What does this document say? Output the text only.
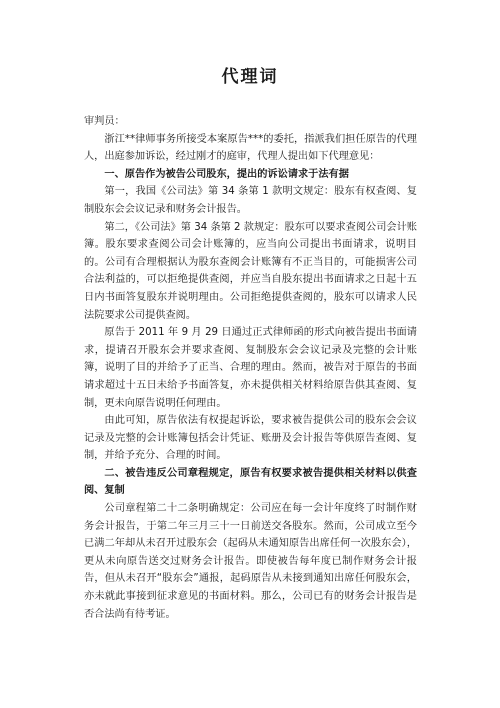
代理词

审判员：

浙江**律师事务所接受本案原告***的委托，指派我们担任原告的代理人，出庭参加诉讼，经过刚才的庭审，代理人提出如下代理意见：

一、原告作为被告公司股东，提出的诉讼请求于法有据

第一，我国《公司法》第 34 条第 1 款明文规定：股东有权查阅、复制股东会会议记录和财务会计报告。

第二，《公司法》第 34 条第 2 款规定：股东可以要求查阅公司会计账簿。股东要求查阅公司会计账簿的，应当向公司提出书面请求，说明目的。公司有合理根据认为股东查阅会计账簿有不正当目的，可能损害公司合法利益的，可以拒绝提供查阅，并应当自股东提出书面请求之日起十五日内书面答复股东并说明理由。公司拒绝提供查阅的，股东可以请求人民法院要求公司提供查阅。

原告于 2011 年 9 月 29 日通过正式律师函的形式向被告提出书面请求，提请召开股东会并要求查阅、复制股东会会议记录及完整的会计账簿，说明了目的并给予了正当、合理的理由。然而，被告对于原告的书面请求超过十五日未给予书面答复，亦未提供相关材料给原告供其查阅、复制，更未向原告说明任何理由。

由此可知，原告依法有权提起诉讼，要求被告提供公司的股东会会议记录及完整的会计账簿包括会计凭证、账册及会计报告等供原告查阅、复制，并给予充分、合理的时间。

二、被告违反公司章程规定，原告有权要求被告提供相关材料以供查阅、复制

公司章程第二十二条明确规定：公司应在每一会计年度终了时制作财务会计报告，于第二年三月三十一日前送交各股东。然而，公司成立至今已满二年却从未召开过股东会（起码从未通知原告出席任何一次股东会），更从未向原告送交过财务会计报告。即使被告每年度已制作财务会计报告，但从未召开“股东会”通报，起码原告从未接到通知出席任何股东会，亦未就此事接到征求意见的书面材料。那么，公司已有的财务会计报告是否合法尚有待考证。
